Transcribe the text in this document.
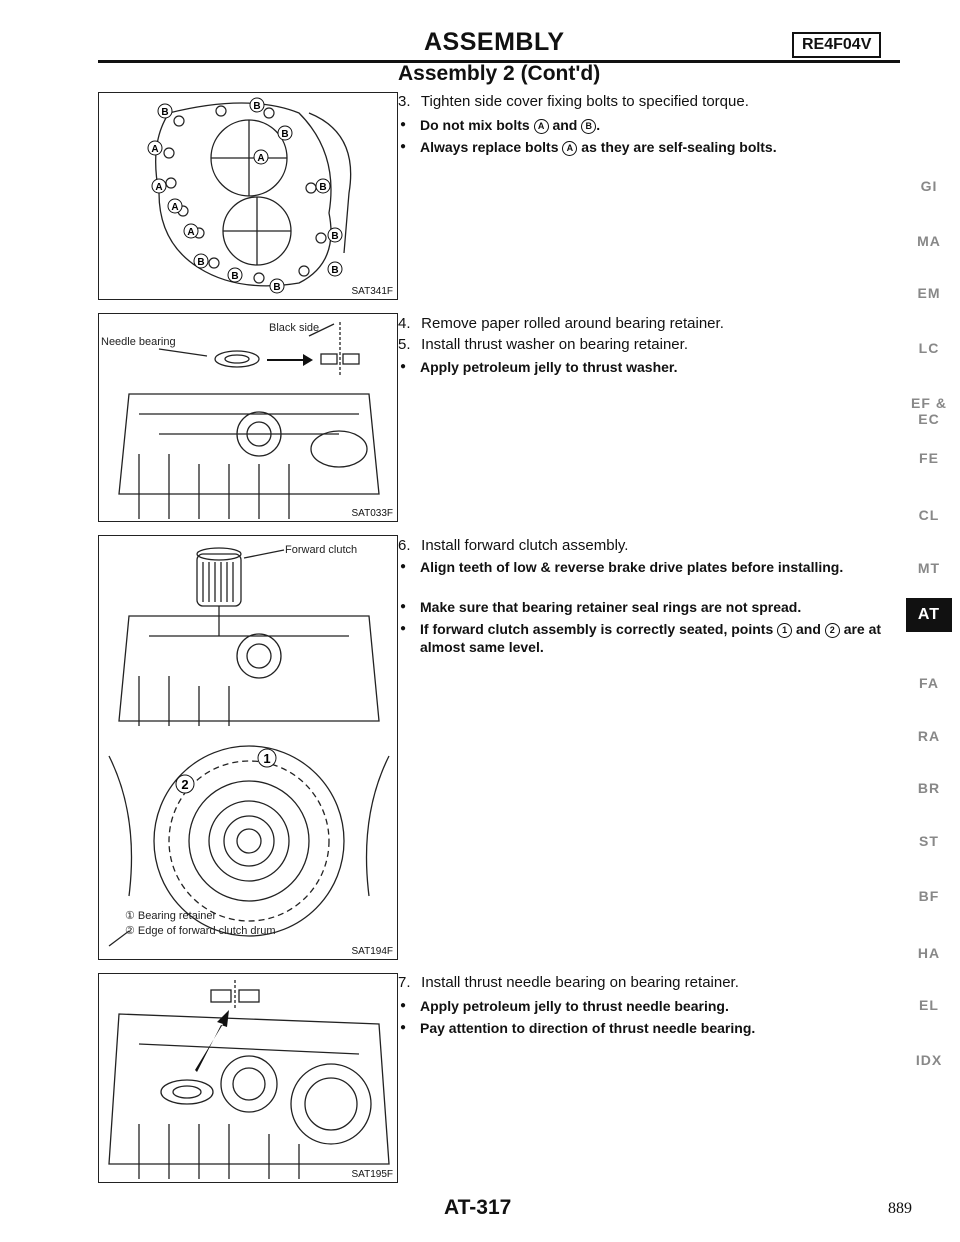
ASSEMBLY	RE4F04V
Assembly 2 (Cont'd)
B
B
B
A
A
A	B
A
B
A
B
B
B
B
SAT341F
Needle bearing
Black side
SAT033F
1
2
Forward clutch
① Bearing retainer
② Edge of forward clutch drum
SAT194F
SAT195F
3. Tighten side cover fixing bolts to specified torque.
● Do not mix bolts A and B .
● Always replace bolts A as they are self-sealing bolts.
4. Remove paper rolled around bearing retainer.
5. Install thrust washer on bearing retainer.
● Apply petroleum jelly to thrust washer.
6. Install forward clutch assembly.
● Align teeth of low & reverse brake drive plates before installing.
● Make sure that bearing retainer seal rings are not spread.
● If forward clutch assembly is correctly seated, points 1 and 2 are at almost same level.
7. Install thrust needle bearing on bearing retainer.
● Apply petroleum jelly to thrust needle bearing.
● Pay attention to direction of thrust needle bearing.
GI
MA
EM
LC
EF &
EC
FE
CL
MT
AT
FA
RA
BR
ST
BF
HA
EL
IDX
AT-317	889
